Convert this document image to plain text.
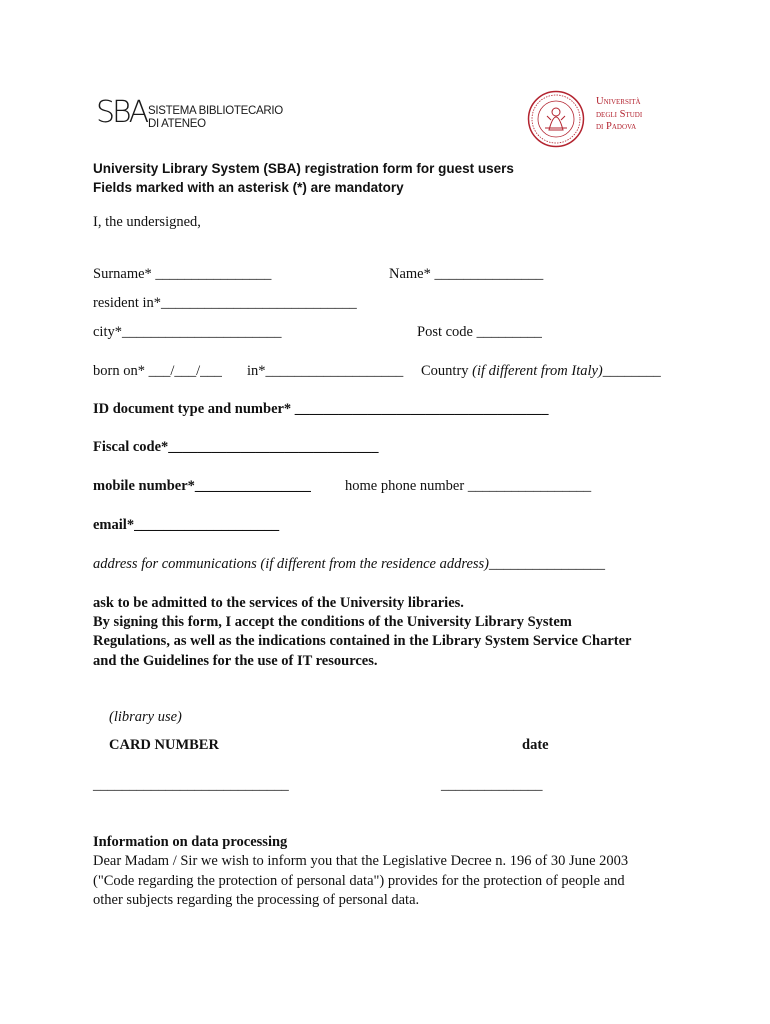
SBA SISTEMA BIBLIOTECARIO
DI ATENEO
Università
degli Studi
di Padova
University Library System (SBA) registration form for guest users
Fields marked with an asterisk (*) are mandatory
I, the undersigned,
Surname* ________________	Name* _______________
resident in*___________________________
city*______________________	Post code _________
born on* ___/___/___ in*___________________ Country (if different from Italy)________
ID document type and number* ___________________________________
Fiscal code*_____________________________
mobile number*________________ home phone number _________________
email*____________________
address for communications (if different from the residence address)________________
ask to be admitted to the services of the University libraries.
By signing this form, I accept the conditions of the University Library System
Regulations, as well as the indications contained in the Library System Service Charter
and the Guidelines for the use of IT resources.
(library use)
CARD NUMBER	date
___________________________	______________
Information on data processing
Dear Madam / Sir we wish to inform you that the Legislative Decree n. 196 of 30 June 2003
("Code regarding the protection of personal data") provides for the protection of people and
other subjects regarding the processing of personal data.
